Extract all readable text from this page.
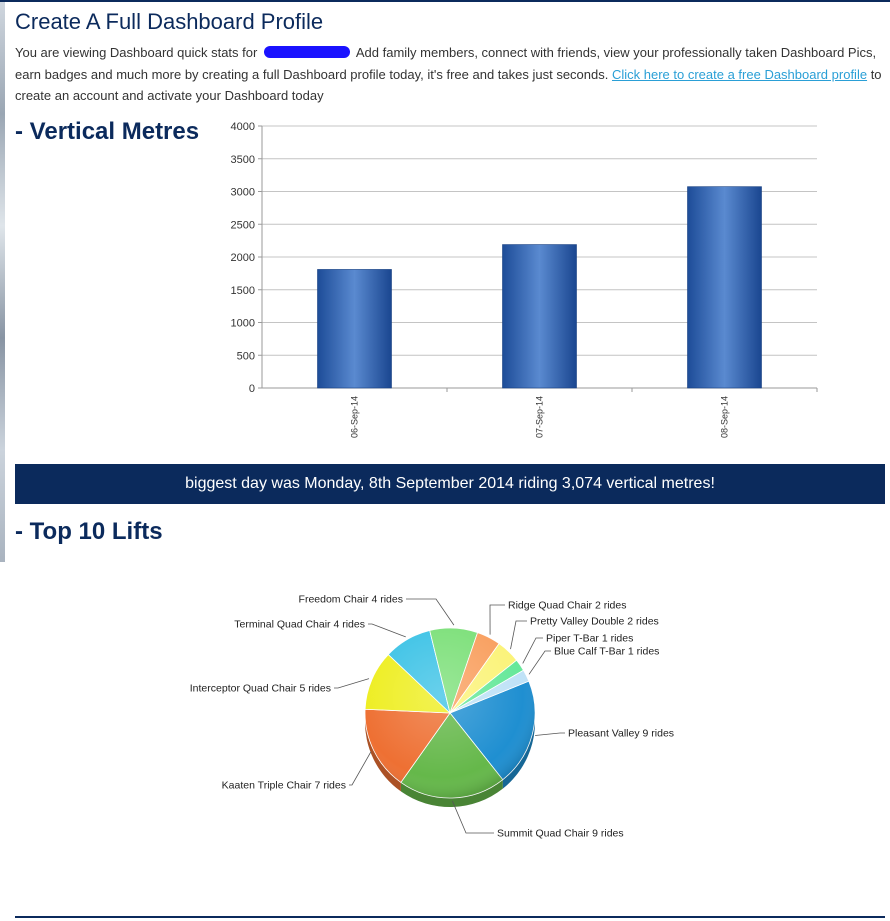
Create A Full Dashboard Profile
You are viewing Dashboard quick stats for	Add family members, connect with friends, view your professionally taken Dashboard Pics, earn badges and much more by creating a full Dashboard profile today, it's free and takes just seconds. Click here to create a free Dashboard profile to create an account and activate your Dashboard today
- Vertical Metres
0
500
1000
1500
2000
2500
3000
3500
4000
06-Sep-14	07-Sep-14	08-Sep-14
biggest day was Monday, 8th September 2014 riding 3,074 vertical metres!
- Top 10 Lifts
Pleasant Valley 9 rides
Summit Quad Chair 9 rides
Kaaten Triple Chair 7 rides
Interceptor Quad Chair 5 rides
Terminal Quad Chair 4 rides
Freedom Chair 4 rides	Ridge Quad Chair 2 rides
Pretty Valley Double 2 rides
Piper T-Bar 1 rides
Blue Calf T-Bar 1 rides
